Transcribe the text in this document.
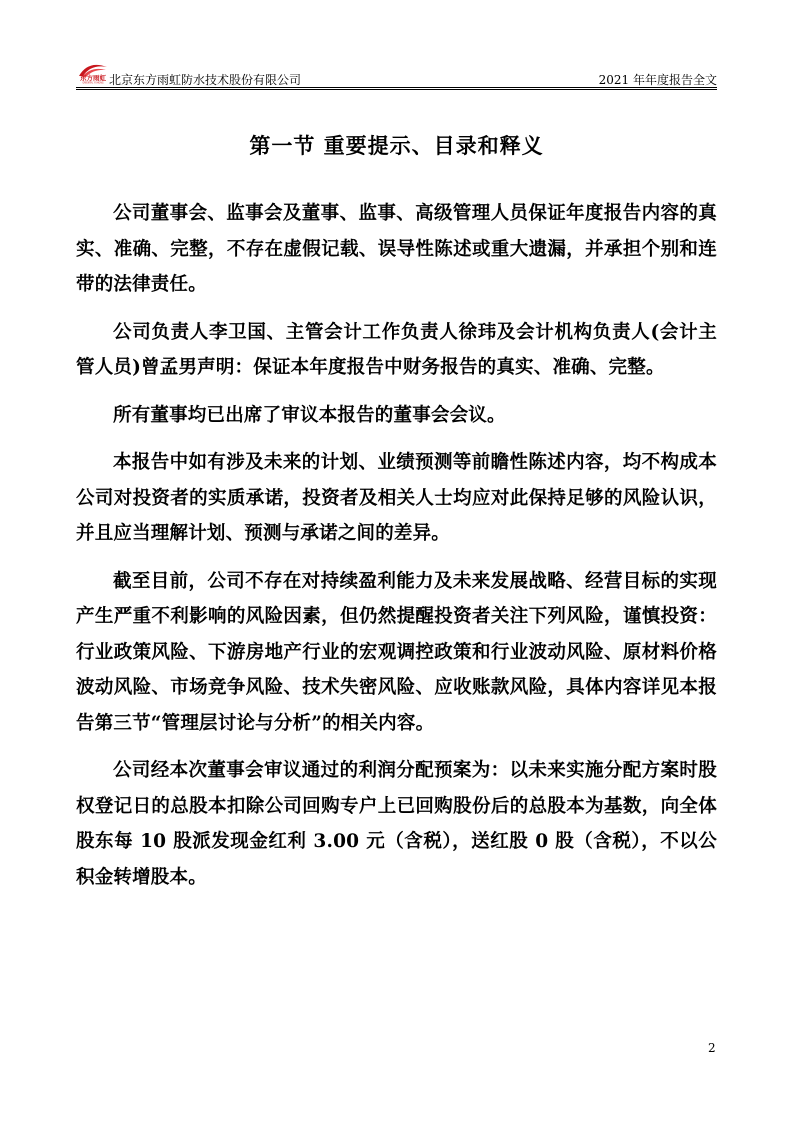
东方雨虹
ORIENTAL YUHONG 北京东方雨虹防水技术股份有限公司	2021 年年度报告全文
第一节 重要提示、目录和释义

公司董事会、监事会及董事、监事、高级管理人员保证年度报告内容的真实、准确、完整，不存在虚假记载、误导性陈述或重大遗漏，并承担个别和连带的法律责任。

公司负责人李卫国、主管会计工作负责人徐玮及会计机构负责人(会计主管人员)曾孟男声明：保证本年度报告中财务报告的真实、准确、完整。

所有董事均已出席了审议本报告的董事会会议。

本报告中如有涉及未来的计划、业绩预测等前瞻性陈述内容，均不构成本公司对投资者的实质承诺，投资者及相关人士均应对此保持足够的风险认识，并且应当理解计划、预测与承诺之间的差异。

截至目前，公司不存在对持续盈利能力及未来发展战略、经营目标的实现产生严重不利影响的风险因素，但仍然提醒投资者关注下列风险，谨慎投资：行业政策风险、下游房地产行业的宏观调控政策和行业波动风险、原材料价格波动风险、市场竞争风险、技术失密风险、应收账款风险，具体内容详见本报告第三节“管理层讨论与分析”的相关内容。

公司经本次董事会审议通过的利润分配预案为：以未来实施分配方案时股权登记日的总股本扣除公司回购专户上已回购股份后的总股本为基数，向全体股东每 10 股派发现金红利 3.00 元（含税），送红股 0 股（含税），不以公积金转增股本。

2
